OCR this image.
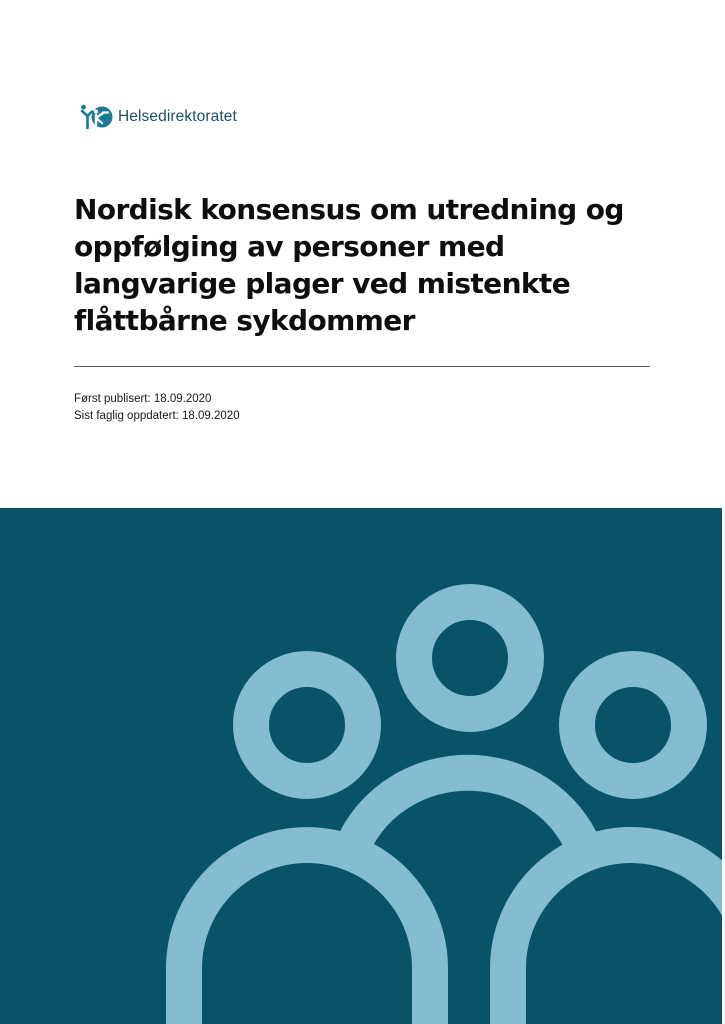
Helsedirektoratet
Nordisk konsensus om utredning og
oppfølging av personer med
langvarige plager ved mistenkte
flåttbårne sykdommer
Først publisert: 18.09.2020
Sist faglig oppdatert: 18.09.2020
